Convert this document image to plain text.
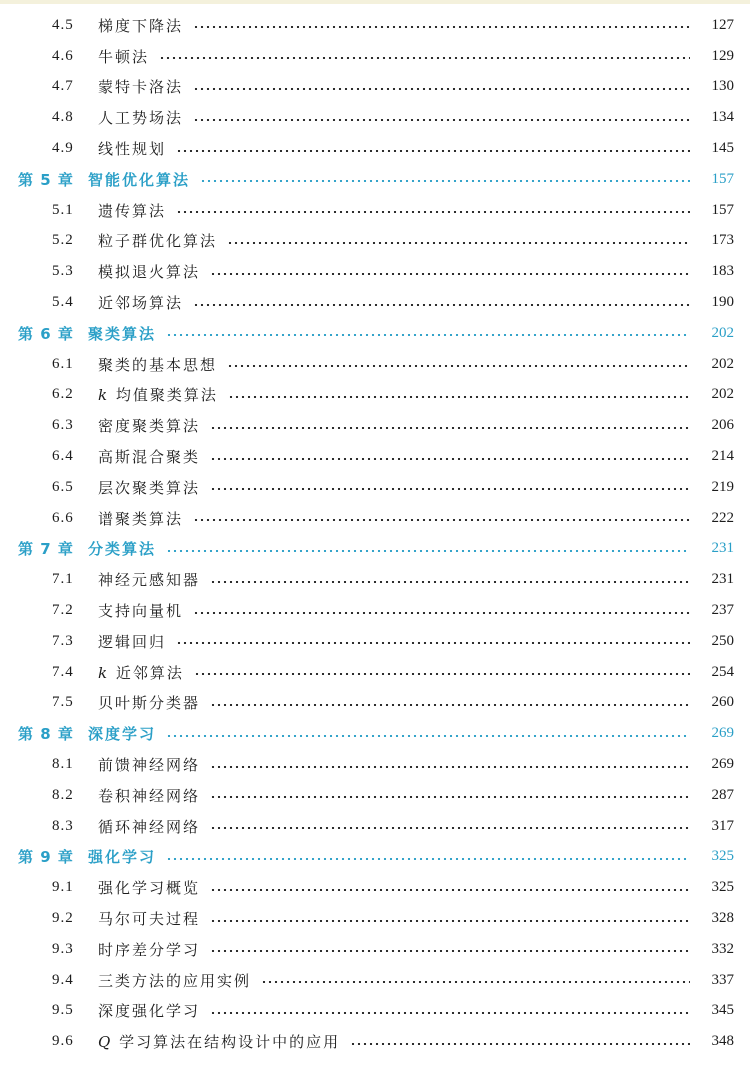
4.5	梯度下降法	127
4.6	牛顿法	129
4.7	蒙特卡洛法	130
4.8	人工势场法	134
4.9	线性规划	145
第 5 章 智能优化算法	157
5.1	遗传算法	157
5.2	粒子群优化算法	173
5.3	模拟退火算法	183
5.4	近邻场算法	190
第 6 章 聚类算法	202
6.1	聚类的基本思想	202
6.2	k 均值聚类算法	202
6.3	密度聚类算法	206
6.4	高斯混合聚类	214
6.5	层次聚类算法	219
6.6	谱聚类算法	222
第 7 章 分类算法	231
7.1	神经元感知器	231
7.2	支持向量机	237
7.3	逻辑回归	250
7.4	k 近邻算法	254
7.5	贝叶斯分类器	260
第 8 章 深度学习	269
8.1	前馈神经网络	269
8.2	卷积神经网络	287
8.3	循环神经网络	317
第 9 章 强化学习	325
9.1	强化学习概览	325
9.2	马尔可夫过程	328
9.3	时序差分学习	332
9.4	三类方法的应用实例	337
9.5	深度强化学习	345
9.6	Q 学习算法在结构设计中的应用	348
